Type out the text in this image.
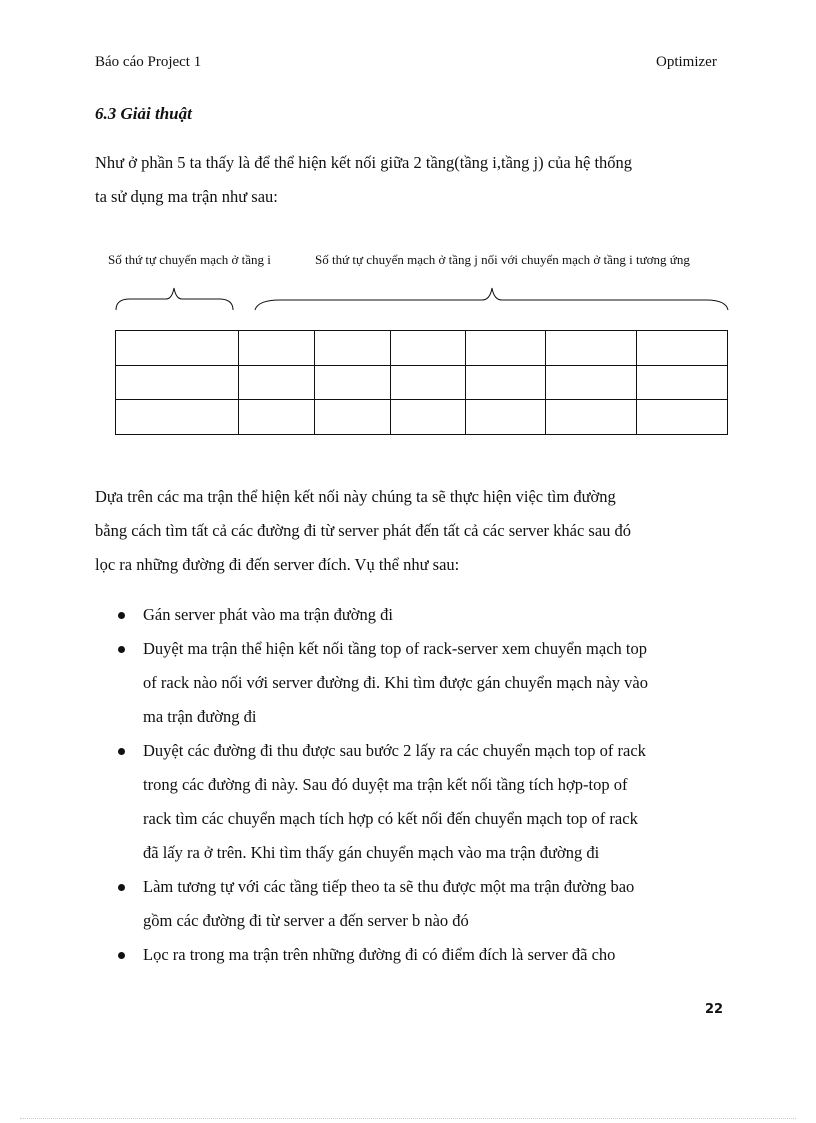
Báo cáo Project 1	Optimizer
6.3 Giải thuật
Như ở phần 5 ta thấy là để thể hiện kết nối giữa 2 tầng(tầng i,tầng j) của hệ thống
ta sử dụng ma trận như sau:
Số thứ tự chuyển mạch ở tầng i	Số thứ tự chuyển mạch ở tầng j nối với chuyển mạch ở tầng i tương ứng

Dựa trên các ma trận thể hiện kết nối này chúng ta sẽ thực hiện việc tìm đường
bằng cách tìm tất cả các đường đi từ server phát đến tất cả các server khác sau đó
lọc ra những đường đi đến server đích. Vụ thể như sau:
Gán server phát vào ma trận đường đi
Duyệt ma trận thể hiện kết nối tầng top of rack-server xem chuyển mạch top
of rack nào nối với server đường đi. Khi tìm được gán chuyển mạch này vào
ma trận đường đi
Duyệt các đường đi thu được sau bước 2 lấy ra các chuyển mạch top of rack
trong các đường đi này. Sau đó duyệt ma trận kết nối tầng tích hợp-top of
rack tìm các chuyển mạch tích hợp có kết nối đến chuyển mạch top of rack
đã lấy ra ở trên. Khi tìm thấy gán chuyển mạch vào ma trận đường đi
Làm tương tự với các tầng tiếp theo ta sẽ thu được một ma trận đường bao
gồm các đường đi từ server a đến server b nào đó
Lọc ra trong ma trận trên những đường đi có điểm đích là server đã cho
22
